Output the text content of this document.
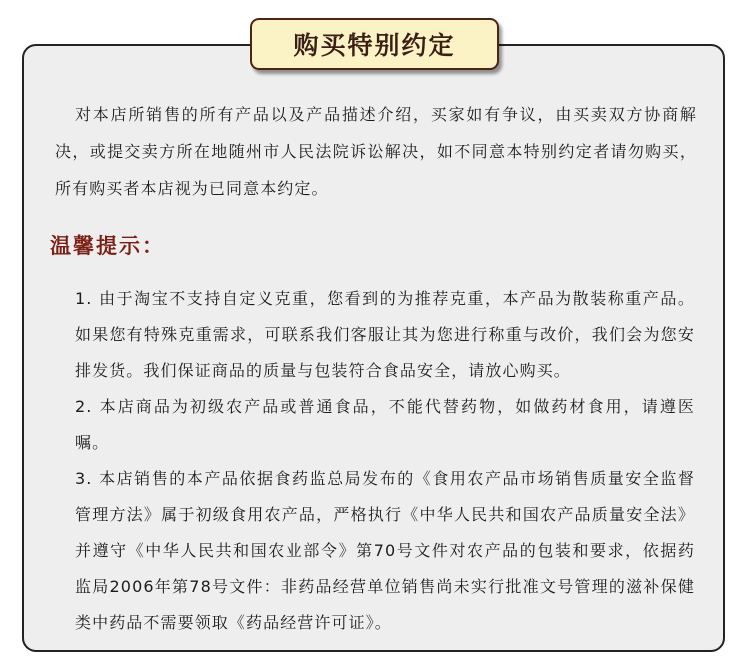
购买特别约定

对本店所销售的所有产品以及产品描述介绍，买家如有争议，由买卖双方协商解决，或提交卖方所在地随州市人民法院诉讼解决，如不同意本特别约定者请勿购买，所有购买者本店视为已同意本约定。

温馨提示：
1. 由于淘宝不支持自定义克重，您看到的为推荐克重，本产品为散装称重产品。如果您有特殊克重需求，可联系我们客服让其为您进行称重与改价，我们会为您安排发货。我们保证商品的质量与包装符合食品安全，请放心购买。
2. 本店商品为初级农产品或普通食品，不能代替药物，如做药材食用，请遵医嘱。
3. 本店销售的本产品依据食药监总局发布的《食用农产品市场销售质量安全监督管理方法》属于初级食用农产品，严格执行《中华人民共和国农产品质量安全法》并遵守《中华人民共和国农业部令》第70号文件对农产品的包装和要求，依据药监局2006年第78号文件：非药品经营单位销售尚未实行批准文号管理的滋补保健类中药品不需要领取《药品经营许可证》。
